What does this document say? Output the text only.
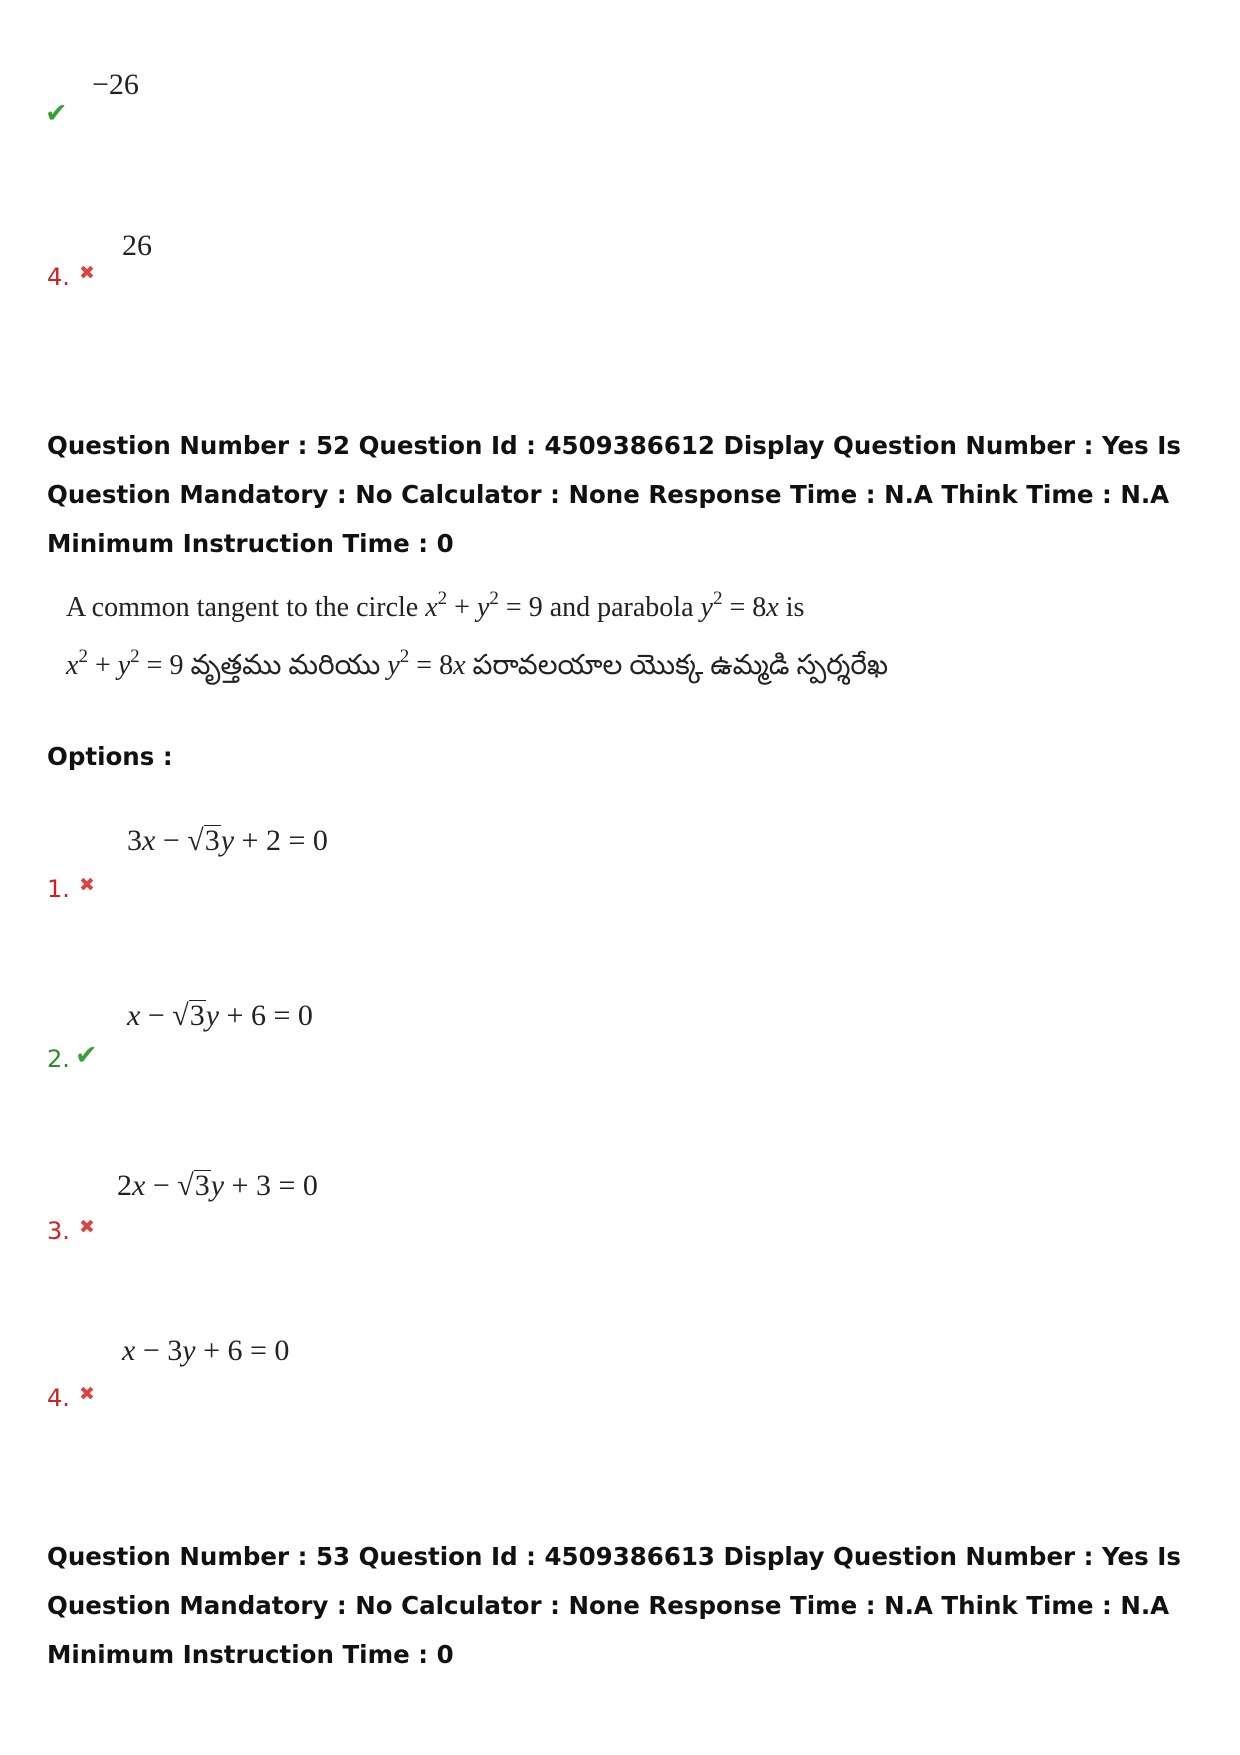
−26
✔
4. ✖
26
Question Number : 52 Question Id : 4509386612 Display Question Number : Yes Is Question Mandatory : No Calculator : None Response Time : N.A Think Time : N.A Minimum Instruction Time : 0
A common tangent to the circle $x^2 + y^2 = 9$ and parabola $y^2 = 8x$ is
$x^2 + y^2 = 9$ వృత్తము మరియు $y^2 = 8x$ పరావలయాల యొక్క ఉమ్మడి స్పర్శరేఖ
Options :
3x − √3y + 2 = 0
1. ✖
x − √3y + 6 = 0
2. ✔
2x − √3y + 3 = 0
3. ✖
x − 3y + 6 = 0
4. ✖
Question Number : 53 Question Id : 4509386613 Display Question Number : Yes Is Question Mandatory : No Calculator : None Response Time : N.A Think Time : N.A Minimum Instruction Time : 0
